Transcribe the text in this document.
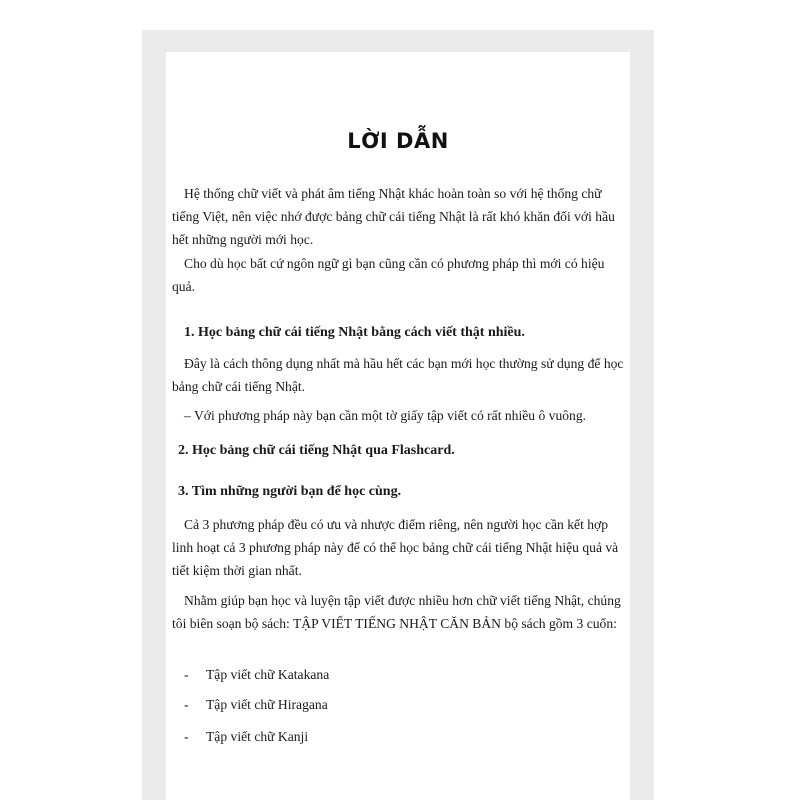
LỜI DẪN

Hệ thống chữ viết và phát âm tiếng Nhật khác hoàn toàn so với hệ thống chữ tiếng Việt, nên việc nhớ được bảng chữ cái tiếng Nhật là rất khó khăn đối với hầu hết những người mới học.

Cho dù học bất cứ ngôn ngữ gì bạn cũng cần có phương pháp thì mới có hiệu quả.

1. Học bảng chữ cái tiếng Nhật bằng cách viết thật nhiều.

Đây là cách thông dụng nhất mà hầu hết các bạn mới học thường sử dụng để học bảng chữ cái tiếng Nhật.

– Với phương pháp này bạn cần một tờ giấy tập viết có rất nhiều ô vuông.

2. Học bảng chữ cái tiếng Nhật qua Flashcard.

3. Tìm những người bạn để học cùng.

Cả 3 phương pháp đều có ưu và nhược điểm riêng, nên người học cần kết hợp linh hoạt cả 3 phương pháp này để có thể học bảng chữ cái tiếng Nhật hiệu quả và tiết kiệm thời gian nhất.

Nhằm giúp bạn học và luyện tập viết được nhiều hơn chữ viết tiếng Nhật, chúng tôi biên soạn bộ sách: TẬP VIẾT TIẾNG NHẬT CĂN BẢN bộ sách gồm 3 cuốn:

- Tập viết chữ Katakana

- Tập viết chữ Hiragana

- Tập viết chữ Kanji
